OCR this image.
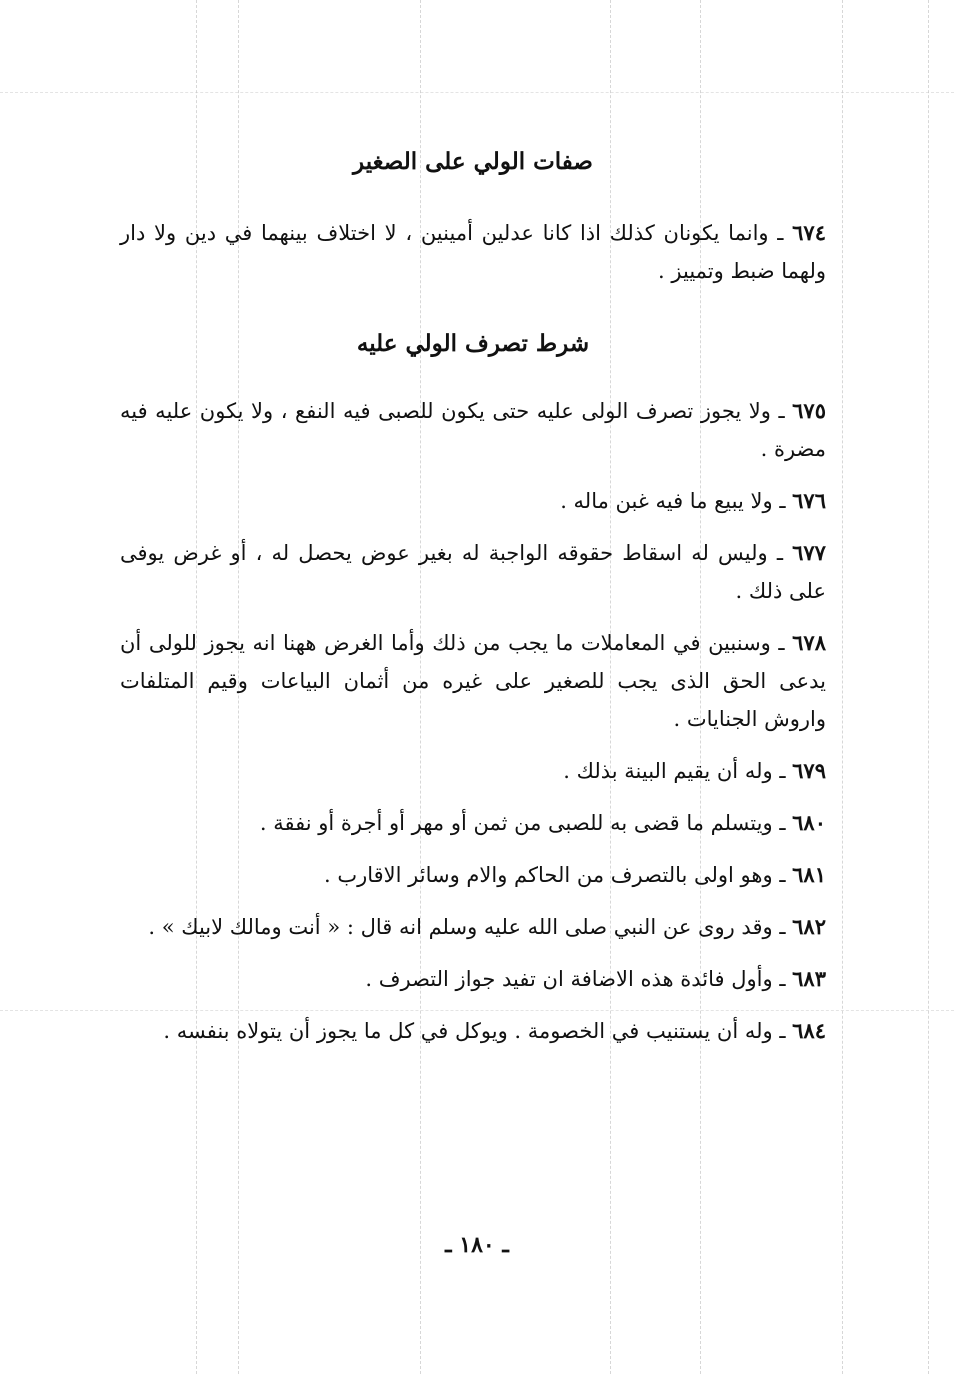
صفات الولي على الصغير

٦٧٤ ـ وانما يكونان كذلك اذا كانا عدلين أمينين ، لا اختلاف بينهما في دين ولا دار ولهما ضبط وتمييز .

شرط تصرف الولي عليه

٦٧٥ ـ ولا يجوز تصرف الولى عليه حتى يكون للصبى فيه النفع ، ولا يكون عليه فيه مضرة .

٦٧٦ ـ ولا يبيع ما فيه غبن ماله .

٦٧٧ ـ وليس له اسقاط حقوقه الواجبة له بغير عوض يحصل له ، أو غرض يوفى على ذلك .

٦٧٨ ـ وسنبين في المعاملات ما يجب من ذلك وأما الغرض ههنا انه يجوز للولى أن يدعى الحق الذى يجب للصغير على غيره من أثمان البياعات وقيم المتلفات واروش الجنايات .

٦٧٩ ـ وله أن يقيم البينة بذلك .

٦٨٠ ـ ويتسلم ما قضى به للصبى من ثمن أو مهر أو أجرة أو نفقة .

٦٨١ ـ وهو اولى بالتصرف من الحاكم والام وسائر الاقارب .

٦٨٢ ـ وقد روى عن النبي صلى الله عليه وسلم انه قال : « أنت ومالك لابيك » .

٦٨٣ ـ وأول فائدة هذه الاضافة ان تفيد جواز التصرف .

٦٨٤ ـ وله أن يستنيب في الخصومة . ويوكل في كل ما يجوز أن يتولاه بنفسه .

ـ ١٨٠ ـ
